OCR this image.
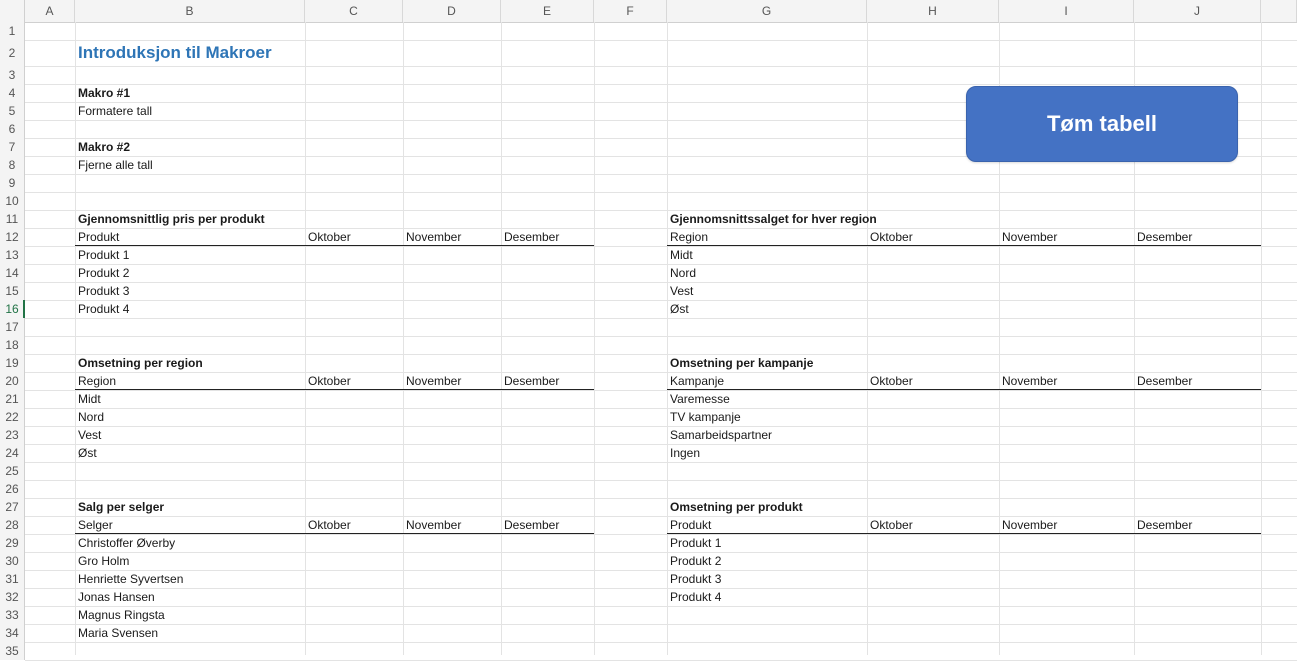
A	B	C	D	E	F	G	H	I	J
1
2
3
4
5
6
7
8
9
10
11
12
13
14
15
16
17
18
19
20
21
22
23
24
25
26
27
28
29
30
31
32
33
34
35
Introduksjon til Makroer
Makro #1
Formatere tall
Makro #2
Fjerne alle tall
Gjennomsnittlig pris per produkt
Produkt	Oktober	November	Desember
Produkt 1
Produkt 2
Produkt 3
Produkt 4
Omsetning per region
Region	Oktober	November	Desember
Midt
Nord
Vest
Øst
Salg per selger
Selger	Oktober	November	Desember
Christoffer Øverby
Gro Holm
Henriette Syvertsen
Jonas Hansen
Magnus Ringsta
Maria Svensen
Gjennomsnittssalget for hver region
Region	Oktober	November	Desember
Midt
Nord
Vest
Øst
Omsetning per kampanje
Kampanje	Oktober	November	Desember
Varemesse
TV kampanje
Samarbeidspartner
Ingen
Omsetning per produkt
Produkt	Oktober	November	Desember
Produkt 1
Produkt 2
Produkt 3
Produkt 4
Tøm tabell
